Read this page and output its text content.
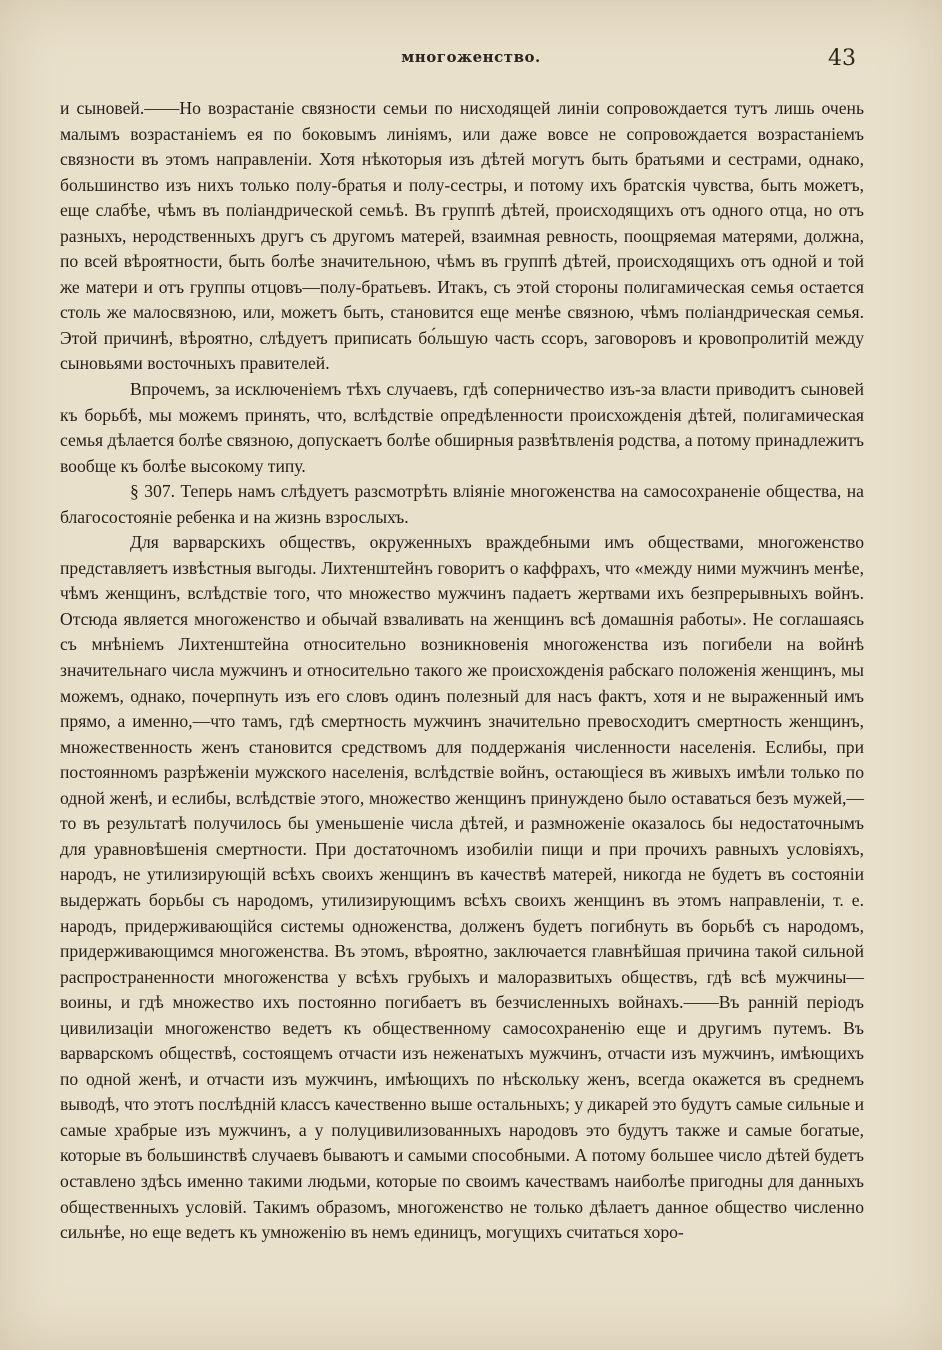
многоженство.	43

и сыновей.——Но возрастаніе связности семьи по нисходящей линіи сопровождается тутъ лишь очень малымъ возрастаніемъ ея по боковымъ линіямъ, или даже вовсе не сопровождается возрастаніемъ связности въ этомъ направленіи. Хотя нѣкоторыя изъ дѣтей могутъ быть братьями и сестрами, однако, большинство изъ нихъ только полу-братья и полу-сестры, и потому ихъ братскія чувства, быть можетъ, еще слабѣе, чѣмъ въ поліандрической семьѣ. Въ группѣ дѣтей, происходящихъ отъ одного отца, но отъ разныхъ, неродственныхъ другъ съ другомъ матерей, взаимная ревность, поощряемая матерями, должна, по всей вѣроятности, быть болѣе значительною, чѣмъ въ группѣ дѣтей, происходящихъ отъ одной и той же матери и отъ группы отцовъ—полу-братьевъ. Итакъ, съ этой стороны полигамическая семья остается столь же малосвязною, или, можетъ быть, становится еще менѣе связною, чѣмъ поліандрическая семья. Этой причинѣ, вѣроятно, слѣдуетъ приписать бо́льшую часть ссоръ, заговоровъ и кровопролитій между сыновьями восточныхъ правителей.

Впрочемъ, за исключеніемъ тѣхъ случаевъ, гдѣ соперничество изъ-за власти приводитъ сыновей къ борьбѣ, мы можемъ принять, что, вслѣдствіе опредѣленности происхожденія дѣтей, полигамическая семья дѣлается болѣе связною, допускаетъ болѣе обширныя развѣтвленія родства, а потому принадлежитъ вообще къ болѣе высокому типу.

§ 307. Теперь намъ слѣдуетъ разсмотрѣть вліяніе многоженства на самосохраненіе общества, на благосостояніе ребенка и на жизнь взрослыхъ.

Для варварскихъ обществъ, окруженныхъ враждебными имъ обществами, многоженство представляетъ извѣстныя выгоды. Лихтенштейнъ говоритъ о каффрахъ, что «между ними мужчинъ менѣе, чѣмъ женщинъ, вслѣдствіе того, что множество мужчинъ падаетъ жертвами ихъ безпрерывныхъ войнъ. Отсюда является многоженство и обычай взваливать на женщинъ всѣ домашнія работы». Не соглашаясь съ мнѣніемъ Лихтенштейна относительно возникновенія многоженства изъ погибели на войнѣ значительнаго числа мужчинъ и относительно такого же происхожденія рабскаго положенія женщинъ, мы можемъ, однако, почерпнуть изъ его словъ одинъ полезный для насъ фактъ, хотя и не выраженный имъ прямо, а именно,—что тамъ, гдѣ смертность мужчинъ значительно превосходитъ смертность женщинъ, множественность женъ становится средствомъ для поддержанія численности населенія. Еслибы, при постоянномъ разрѣженіи мужского населенія, вслѣдствіе войнъ, остающіеся въ живыхъ имѣли только по одной женѣ, и еслибы, вслѣдствіе этого, множество женщинъ принуждено было оставаться безъ мужей,—то въ результатѣ получилось бы уменьшеніе числа дѣтей, и размноженіе оказалось бы недостаточнымъ для уравновѣшенія смертности. При достаточномъ изобиліи пищи и при прочихъ равныхъ условіяхъ, народъ, не утилизирующій всѣхъ своихъ женщинъ въ качествѣ матерей, никогда не будетъ въ состояніи выдержать борьбы съ народомъ, утилизирующимъ всѣхъ своихъ женщинъ въ этомъ направленіи, т. е. народъ, придерживающійся системы одноженства, долженъ будетъ погибнуть въ борьбѣ съ народомъ, придерживающимся многоженства. Въ этомъ, вѣроятно, заключается главнѣйшая причина такой сильной распространенности многоженства у всѣхъ грубыхъ и малоразвитыхъ обществъ, гдѣ всѣ мужчины—воины, и гдѣ множество ихъ постоянно погибаетъ въ безчисленныхъ войнахъ.——Въ ранній періодъ цивилизаціи многоженство ведетъ къ общественному самосохраненію еще и другимъ путемъ. Въ варварскомъ обществѣ, состоящемъ отчасти изъ неженатыхъ мужчинъ, отчасти изъ мужчинъ, имѣющихъ по одной женѣ, и отчасти изъ мужчинъ, имѣющихъ по нѣскольку женъ, всегда окажется въ среднемъ выводѣ, что этотъ послѣдній классъ качественно выше остальныхъ; у дикарей это будутъ самые сильные и самые храбрые изъ мужчинъ, а у полуцивилизованныхъ народовъ это будутъ также и самые богатые, которые въ большинствѣ случаевъ бываютъ и самыми способными. А потому большее число дѣтей будетъ оставлено здѣсь именно такими людьми, которые по своимъ качествамъ наиболѣе пригодны для данныхъ общественныхъ условій. Такимъ образомъ, многоженство не только дѣлаетъ данное общество численно сильнѣе, но еще ведетъ къ умноженію въ немъ единицъ, могущихъ считаться хоро-
